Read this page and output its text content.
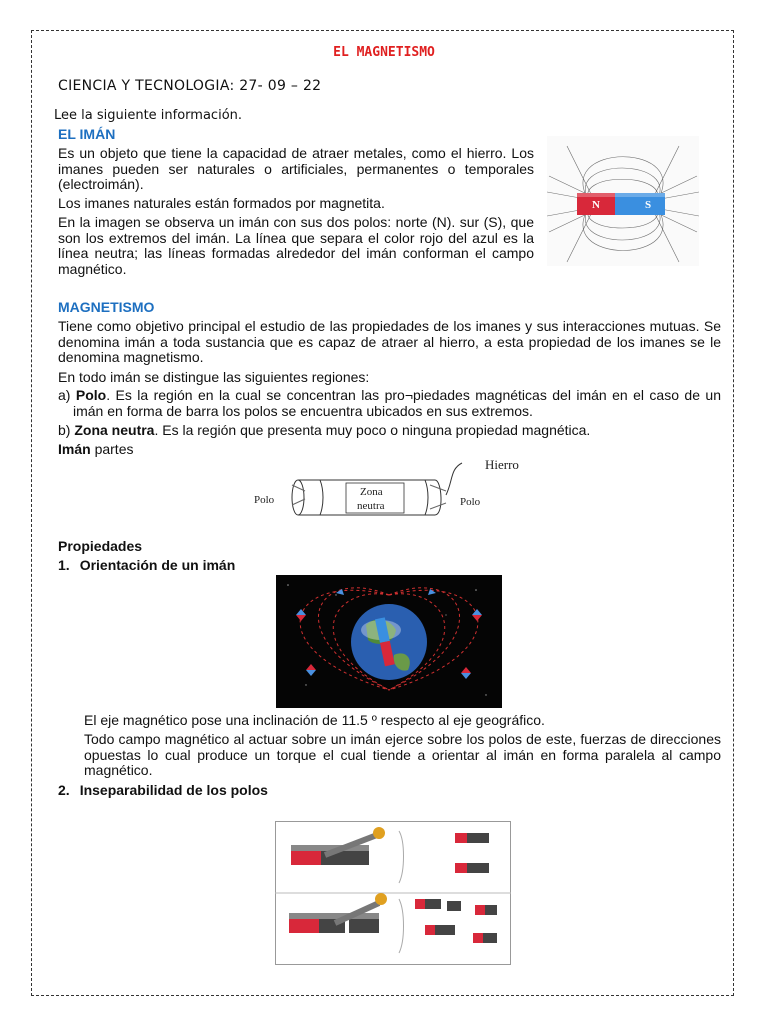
EL MAGNETISMO
CIENCIA Y TECNOLOGIA: 27- 09 – 22
Lee la siguiente información.
EL IMÁN
Es un objeto que tiene la capacidad de atraer metales, como el hierro. Los imanes pueden ser naturales o artificiales, permanentes o temporales (electroimán).
Los imanes naturales están formados por magnetita.
En la imagen se observa un imán con sus dos polos: norte (N). sur (S), que son los extremos del imán. La línea que separa el color rojo del azul es la línea neutra; las líneas formadas alrededor del imán conforman el campo magnético.
N	S
MAGNETISMO
Tiene como objetivo principal el estudio de las propiedades de los imanes y sus interacciones mutuas. Se denomina imán a toda sustancia que es capaz de atraer al hierro, a esta propiedad de los imanes se le denomina magnetismo.
En todo imán se distingue las siguientes regiones:
a) Polo. Es la región en la cual se concentran las pro¬piedades magnéticas del imán en el caso de un imán en forma de barra los polos se encuentra ubicados en sus extremos.
b) Zona neutra. Es la región que presenta muy poco o ninguna propiedad magnética.
Imán partes
Hierro
Polo	Polo
Zona
neutra
Propiedades
1. Orientación de un imán
El eje magnético pose una inclinación de 11.5 º respecto al eje geográfico.
Todo campo magnético al actuar sobre un imán ejerce sobre los polos de este, fuerzas de direcciones opuestas lo cual produce un torque el cual tiende a orientar al imán en forma paralela al campo magnético.
2. Inseparabilidad de los polos
